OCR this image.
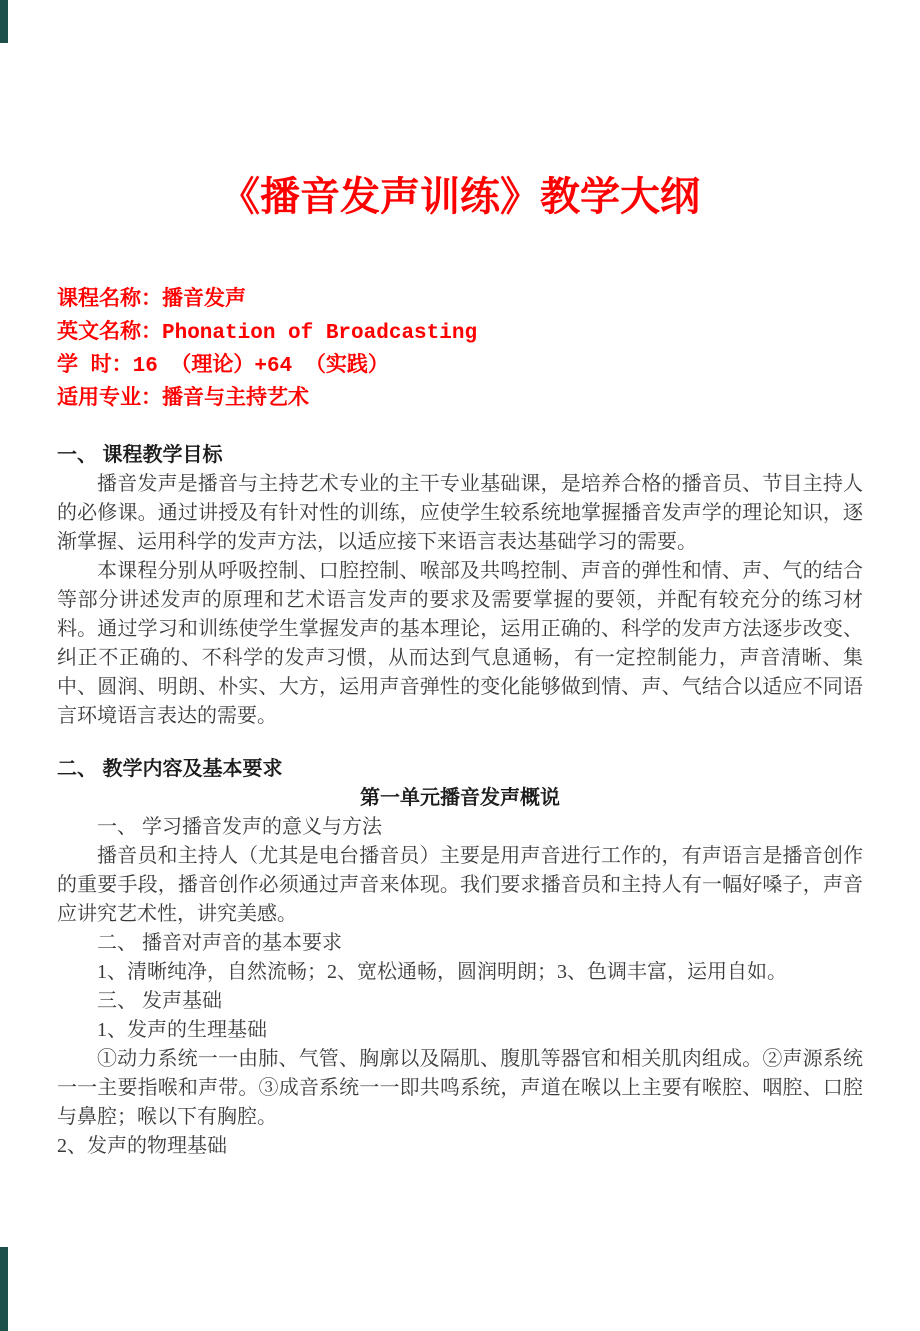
《播音发声训练》教学大纲
课程名称：播音发声
英文名称：Phonation of Broadcasting
学 时：16 （理论）+64 （实践）
适用专业：播音与主持艺术
一、 课程教学目标

播音发声是播音与主持艺术专业的主干专业基础课，是培养合格的播音员、节目主持人的必修课。通过讲授及有针对性的训练，应使学生较系统地掌握播音发声学的理论知识，逐渐掌握、运用科学的发声方法，以适应接下来语言表达基础学习的需要。

本课程分别从呼吸控制、口腔控制、喉部及共鸣控制、声音的弹性和情、声、气的结合等部分讲述发声的原理和艺术语言发声的要求及需要掌握的要领，并配有较充分的练习材料。通过学习和训练使学生掌握发声的基本理论，运用正确的、科学的发声方法逐步改变、纠正不正确的、不科学的发声习惯，从而达到气息通畅，有一定控制能力，声音清晰、集中、圆润、明朗、朴实、大方，运用声音弹性的变化能够做到情、声、气结合以适应不同语言环境语言表达的需要。

二、 教学内容及基本要求
第一单元播音发声概说

一、 学习播音发声的意义与方法

播音员和主持人（尤其是电台播音员）主要是用声音进行工作的，有声语言是播音创作的重要手段，播音创作必须通过声音来体现。我们要求播音员和主持人有一幅好嗓子，声音应讲究艺术性，讲究美感。

二、 播音对声音的基本要求

1、清晰纯净，自然流畅；2、宽松通畅，圆润明朗；3、色调丰富，运用自如。

三、 发声基础

1、发声的生理基础

①动力系统一一由肺、气管、胸廓以及隔肌、腹肌等器官和相关肌肉组成。②声源系统一一主要指喉和声带。③成音系统一一即共鸣系统，声道在喉以上主要有喉腔、咽腔、口腔与鼻腔；喉以下有胸腔。

2、发声的物理基础
